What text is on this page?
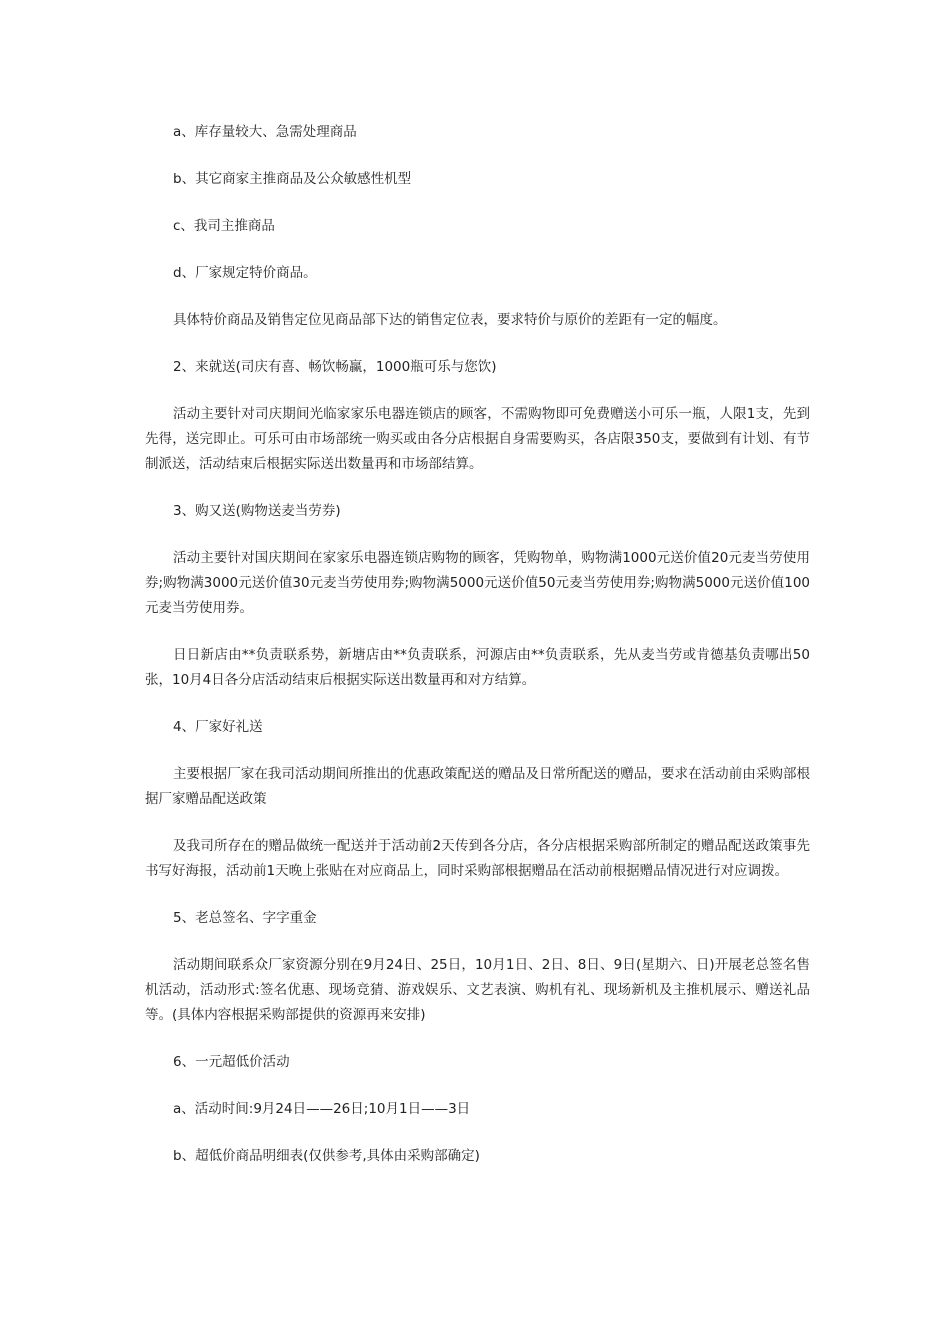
a、库存量较大、急需处理商品

b、其它商家主推商品及公众敏感性机型

c、我司主推商品

d、厂家规定特价商品。

具体特价商品及销售定位见商品部下达的销售定位表，要求特价与原价的差距有一定的幅度。

2、来就送(司庆有喜、畅饮畅赢，1000瓶可乐与您饮)

活动主要针对司庆期间光临家家乐电器连锁店的顾客，不需购物即可免费赠送小可乐一瓶，人限1支，先到先得，送完即止。可乐可由市场部统一购买或由各分店根据自身需要购买，各店限350支，要做到有计划、有节制派送，活动结束后根据实际送出数量再和市场部结算。

3、购又送(购物送麦当劳券)

活动主要针对国庆期间在家家乐电器连锁店购物的顾客，凭购物单，购物满1000元送价值20元麦当劳使用券;购物满3000元送价值30元麦当劳使用券;购物满5000元送价值50元麦当劳使用券;购物满5000元送价值100元麦当劳使用券。

日日新店由**负责联系势，新塘店由**负责联系，河源店由**负责联系，先从麦当劳或肯德基负责哪出50张，10月4日各分店活动结束后根据实际送出数量再和对方结算。

4、厂家好礼送

主要根据厂家在我司活动期间所推出的优惠政策配送的赠品及日常所配送的赠品，要求在活动前由采购部根据厂家赠品配送政策

及我司所存在的赠品做统一配送并于活动前2天传到各分店，各分店根据采购部所制定的赠品配送政策事先书写好海报，活动前1天晚上张贴在对应商品上，同时采购部根据赠品在活动前根据赠品情况进行对应调拨。

5、老总签名、字字重金

活动期间联系众厂家资源分别在9月24日、25日，10月1日、2日、8日、9日(星期六、日)开展老总签名售机活动，活动形式:签名优惠、现场竞猜、游戏娱乐、文艺表演、购机有礼、现场新机及主推机展示、赠送礼品等。(具体内容根据采购部提供的资源再来安排)

6、一元超低价活动

a、活动时间:9月24日——26日;10月1日——3日

b、超低价商品明细表(仅供参考,具体由采购部确定)
